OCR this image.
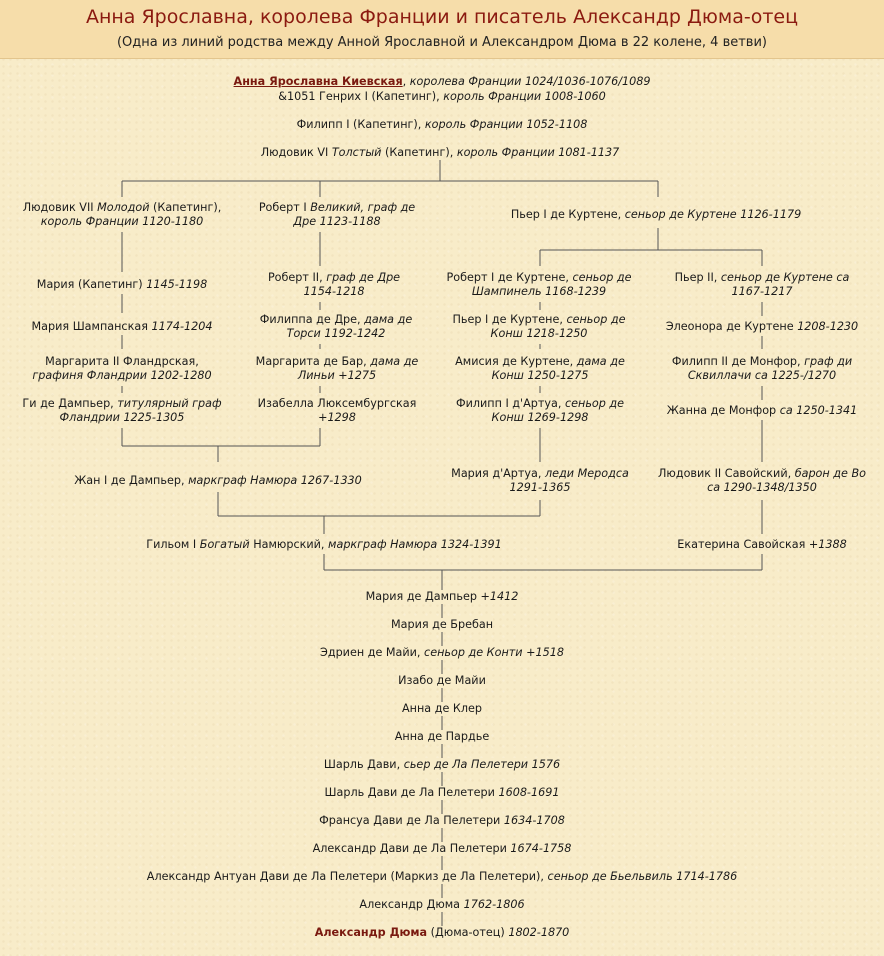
Анна Ярославна, королева Франции и писатель Александр Дюма-отец
(Одна из линий родства между Анной Ярославной и Александром Дюма в 22 колене, 4 ветви)
Анна Ярославна Киевская, королева Франции 1024/1036-1076/1089
&1051 Генрих I (Капетинг), король Франции 1008-1060
Филипп I (Капетинг), король Франции 1052-1108
Людовик VI Толстый (Капетинг), король Франции 1081-1137
Людовик VII Молодой (Капетинг),
король Франции 1120-1180
Роберт I Великий, граф де
Дре 1123-1188
Пьер I де Куртене, сеньор де Куртене 1126-1179
Мария (Капетинг) 1145-1198
Роберт II, граф де Дре
1154-1218
Роберт I де Куртене, сеньор де
Шампинель 1168-1239
Пьер II, сеньор де Куртене са
1167-1217
Мария Шампанская 1174-1204
Филиппа де Дре, дама де
Торси 1192-1242
Пьер I де Куртене, сеньор де
Конш 1218-1250
Элеонора де Куртене 1208-1230
Маргарита II Фландрская,
графиня Фландрии 1202-1280
Маргарита де Бар, дама де
Линьи +1275
Амисия де Куртене, дама де
Конш 1250-1275
Филипп II де Монфор, граф ди
Сквиллачи са 1225-/1270
Ги де Дампьер, титулярный граф
Фландрии 1225-1305
Изабелла Люксембургская
+1298
Филипп I д'Артуа, сеньор де
Конш 1269-1298
Жанна де Монфор са 1250-1341
Жан I де Дампьер, маркграф Намюра 1267-1330
Мария д'Артуа, леди Меродса
1291-1365
Людовик II Савойский, барон де Во
са 1290-1348/1350
Гильом I Богатый Намюрский, маркграф Намюра 1324-1391	Екатерина Савойская +1388
Мария де Дампьер +1412
Мария де Бребан
Эдриен де Майи, сеньор де Конти +1518
Изабо де Майи
Анна де Клер
Анна де Пардье
Шарль Дави, сьер де Ла Пелетери 1576
Шарль Дави де Ла Пелетери 1608-1691
Франсуа Дави де Ла Пелетери 1634-1708
Александр Дави де Ла Пелетери 1674-1758
Александр Антуан Дави де Ла Пелетери (Маркиз де Ла Пелетери), сеньор де Бьельвиль 1714-1786
Александр Дюма 1762-1806
Александр Дюма (Дюма-отец) 1802-1870
